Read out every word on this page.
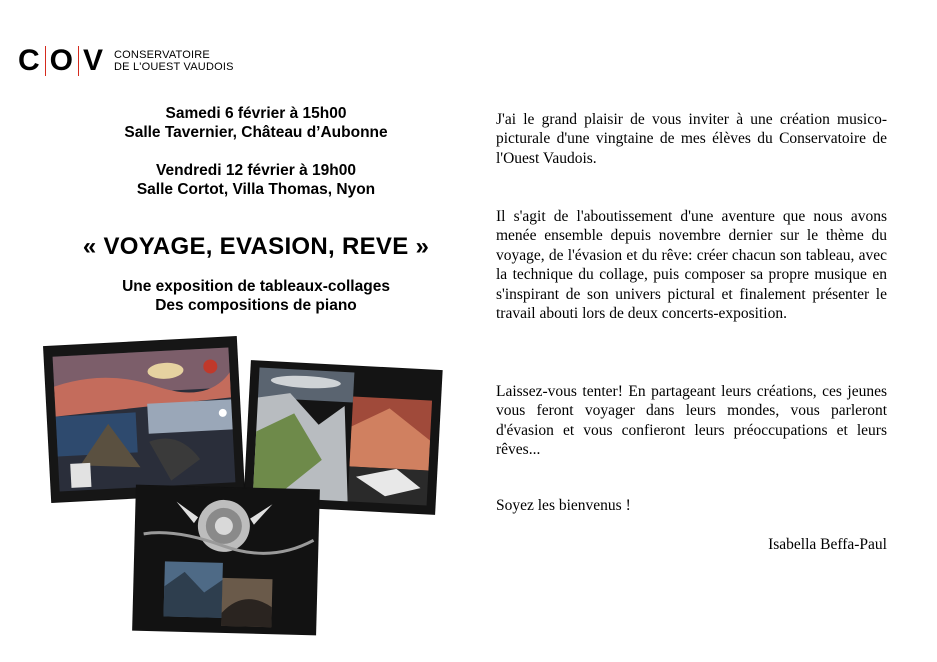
C O V CONSERVATOIRE
DE L'OUEST VAUDOIS
Samedi 6 février à 15h00
Salle Tavernier, Château d’Aubonne
Vendredi 12 février à 19h00
Salle Cortot, Villa Thomas, Nyon
« VOYAGE, EVASION, REVE »
Une exposition de tableaux-collages
Des compositions de piano
J'ai le grand plaisir de vous inviter à une création musico-picturale d'une vingtaine de mes élèves du Conservatoire de l'Ouest Vaudois.
Il s'agit de l'aboutissement d'une aventure que nous avons menée ensemble depuis novembre dernier sur le thème du voyage, de l'évasion et du rêve: créer chacun son tableau, avec la technique du collage, puis composer sa propre musique en s'inspirant de son univers pictural et finalement présenter le travail abouti lors de deux concerts-exposition.
Laissez-vous tenter! En partageant leurs créations, ces jeunes vous feront voyager dans leurs mondes, vous parleront d'évasion et vous confieront leurs préoccupations et leurs rêves...
Soyez les bienvenus !
Isabella Beffa-Paul
